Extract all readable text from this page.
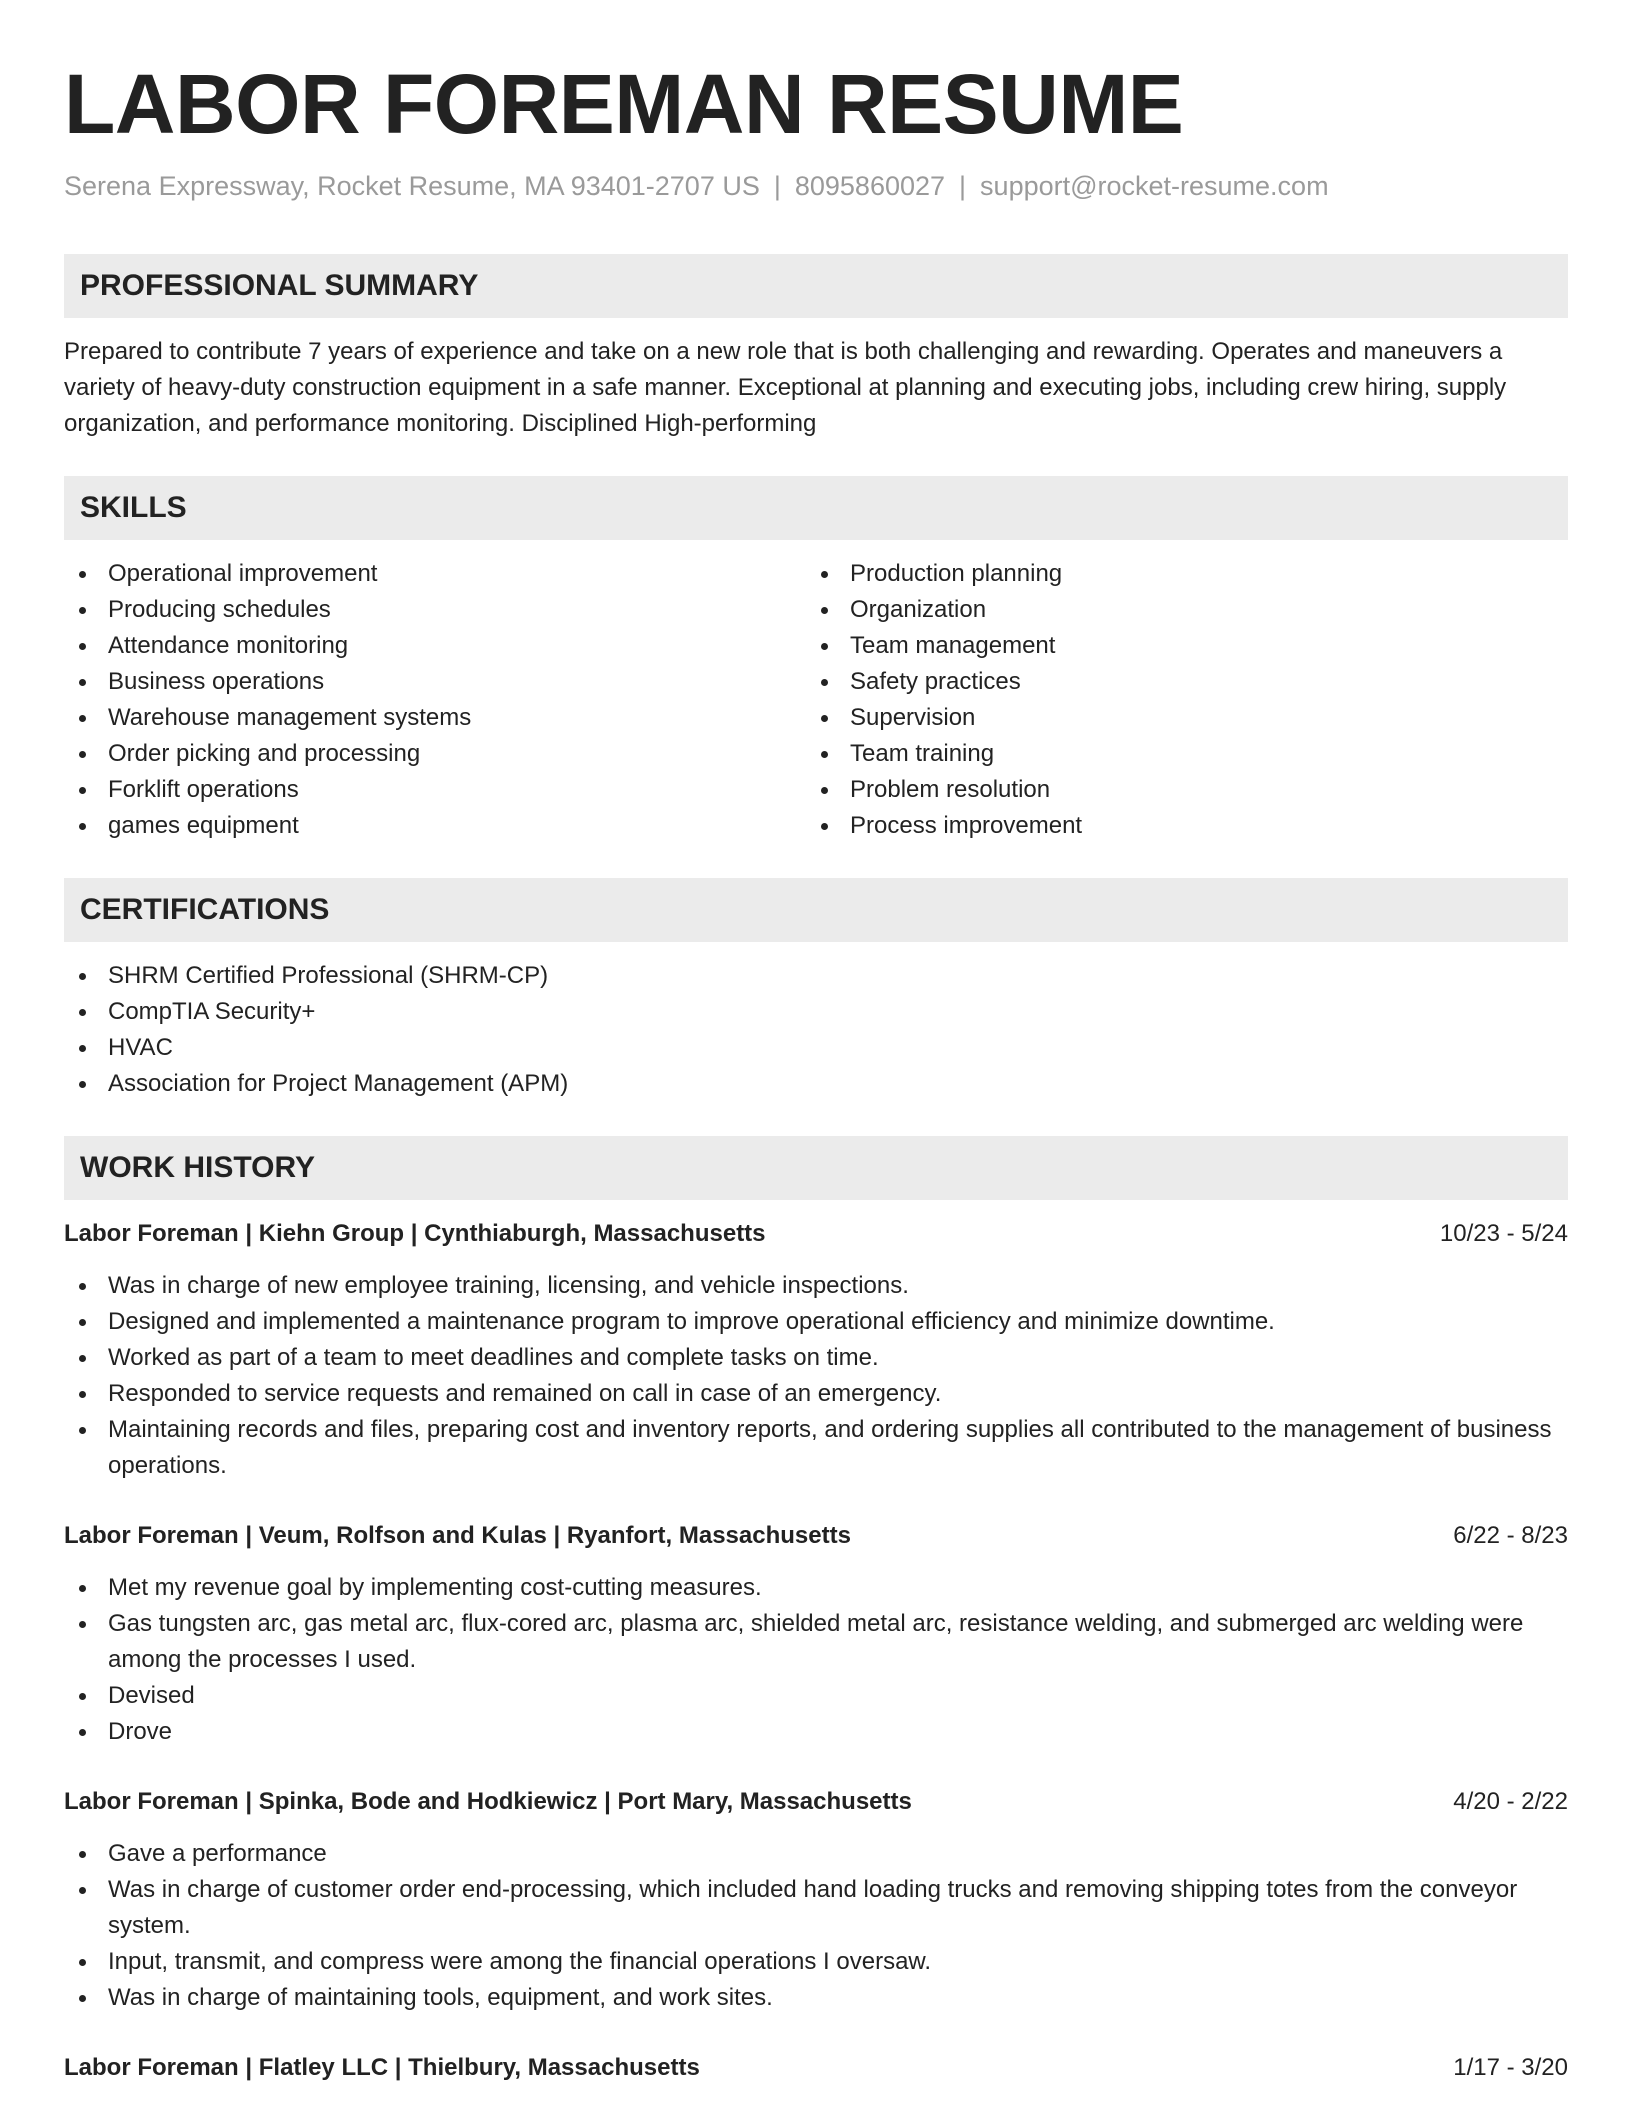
LABOR FOREMAN RESUME
Serena Expressway, Rocket Resume, MA 93401-2707 US | 8095860027 | support@rocket-resume.com
PROFESSIONAL SUMMARY
Prepared to contribute 7 years of experience and take on a new role that is both challenging and rewarding. Operates and maneuvers a variety of heavy-duty construction equipment in a safe manner. Exceptional at planning and executing jobs, including crew hiring, supply organization, and performance monitoring. Disciplined High-performing
SKILLS
Operational improvement
Producing schedules
Attendance monitoring
Business operations
Warehouse management systems
Order picking and processing
Forklift operations
games equipment
Production planning
Organization
Team management
Safety practices
Supervision
Team training
Problem resolution
Process improvement
CERTIFICATIONS
SHRM Certified Professional (SHRM-CP)
CompTIA Security+
HVAC
Association for Project Management (APM)
WORK HISTORY
Labor Foreman | Kiehn Group | Cynthiaburgh, Massachusetts	10/23 - 5/24
Was in charge of new employee training, licensing, and vehicle inspections.
Designed and implemented a maintenance program to improve operational efficiency and minimize downtime.
Worked as part of a team to meet deadlines and complete tasks on time.
Responded to service requests and remained on call in case of an emergency.
Maintaining records and files, preparing cost and inventory reports, and ordering supplies all contributed to the management of business operations.
Labor Foreman | Veum, Rolfson and Kulas | Ryanfort, Massachusetts	6/22 - 8/23
Met my revenue goal by implementing cost-cutting measures.
Gas tungsten arc, gas metal arc, flux-cored arc, plasma arc, shielded metal arc, resistance welding, and submerged arc welding were among the processes I used.
Devised
Drove
Labor Foreman | Spinka, Bode and Hodkiewicz | Port Mary, Massachusetts	4/20 - 2/22
Gave a performance
Was in charge of customer order end-processing, which included hand loading trucks and removing shipping totes from the conveyor system.
Input, transmit, and compress were among the financial operations I oversaw.
Was in charge of maintaining tools, equipment, and work sites.
Labor Foreman | Flatley LLC | Thielbury, Massachusetts	1/17 - 3/20
